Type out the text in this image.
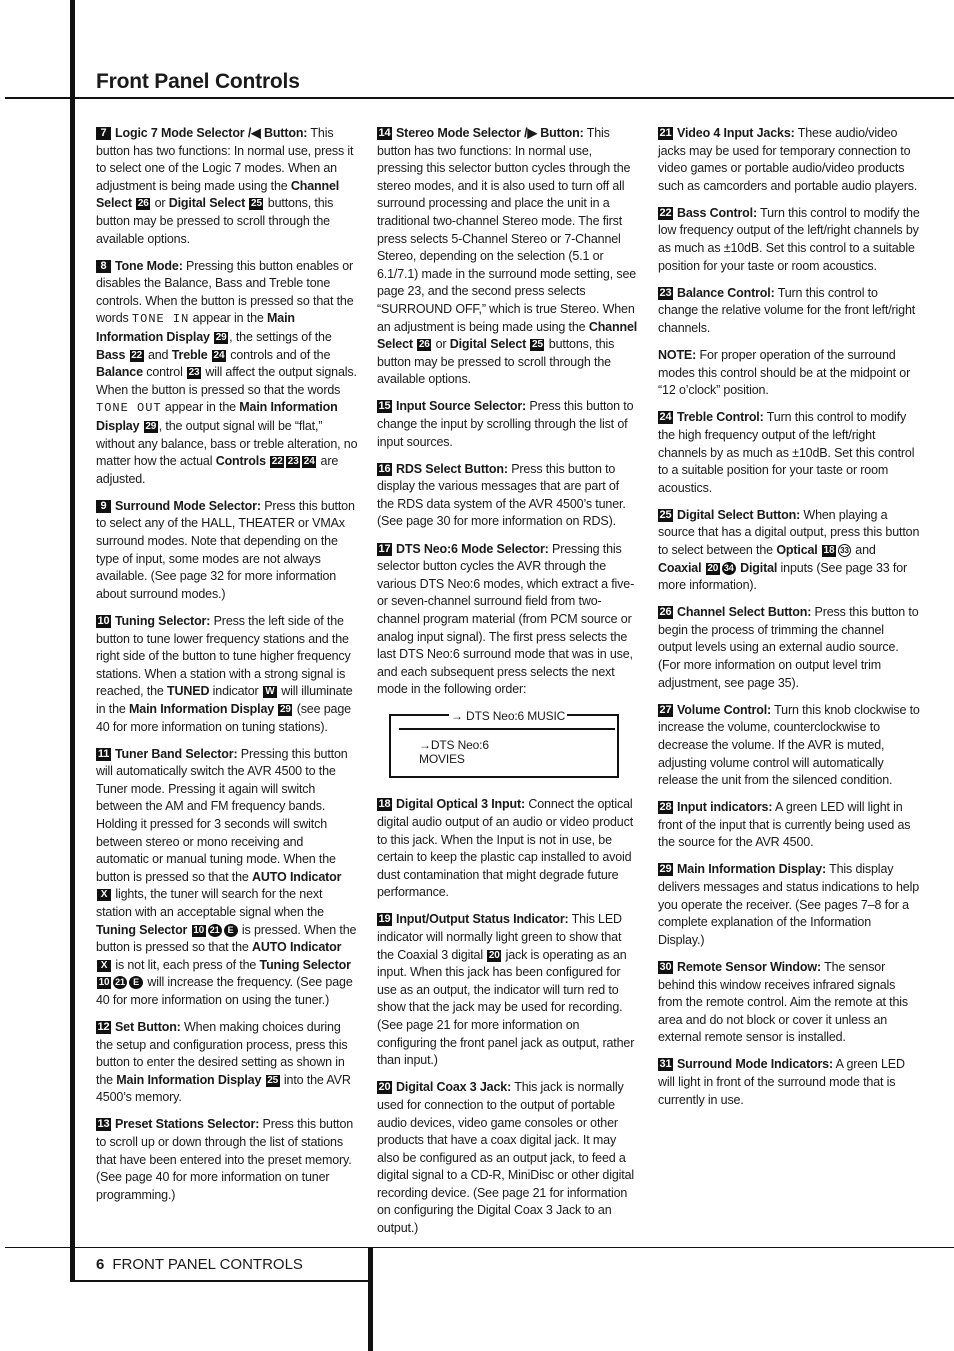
Front Panel Controls
6 FRONT PANEL CONTROLS

7 Logic 7 Mode Selector /◀ Button: This button has two functions: In normal use, press it to select one of the Logic 7 modes. When an adjustment is being made using the Channel Select 26 or Digital Select 25 buttons, this button may be pressed to scroll through the available options.

8 Tone Mode: Pressing this button enables or disables the Balance, Bass and Treble tone controls. When the button is pressed so that the words TONE IN appear in the Main Information Display 29 , the settings of the Bass 22 and Treble 24 controls and of the Balance control 23 will affect the output signals. When the button is pressed so that the words TONE OUT appear in the Main Information Display 29 , the output signal will be “flat,” without any balance, bass or treble alteration, no matter how the actual Controls 22 23 24 are adjusted.

9 Surround Mode Selector: Press this button to select any of the HALL, THEATER or VMAx surround modes. Note that depending on the type of input, some modes are not always available. (See page 32 for more information about surround modes.)

10 Tuning Selector: Press the left side of the button to tune lower frequency stations and the right side of the button to tune higher frequency stations. When a station with a strong signal is reached, the TUNED indicator W will illuminate in the Main Information Display 29 (see page 40 for more information on tuning stations).

11 Tuner Band Selector: Pressing this button will automatically switch the AVR 4500 to the Tuner mode. Pressing it again will switch between the AM and FM frequency bands. Holding it pressed for 3 seconds will switch between stereo or mono receiving and automatic or manual tuning mode. When the button is pressed so that the AUTO Indicator X lights, the tuner will search for the next station with an acceptable signal when the Tuning Selector 10 21 E is pressed. When the button is pressed so that the AUTO Indicator X is not lit, each press of the Tuning Selector 10 21 E will increase the frequency. (See page 40 for more information on using the tuner.)

12 Set Button: When making choices during the setup and configuration process, press this button to enter the desired setting as shown in the Main Information Display 25 into the AVR 4500’s memory.

13 Preset Stations Selector: Press this button to scroll up or down through the list of stations that have been entered into the preset memory. (See page 40 for more information on tuner programming.)

14 Stereo Mode Selector /▶ Button: This button has two functions: In normal use, pressing this selector button cycles through the stereo modes, and it is also used to turn off all surround processing and place the unit in a traditional two-channel Stereo mode. The first press selects 5-Channel Stereo or 7-Channel Stereo, depending on the selection (5.1 or 6.1/7.1) made in the surround mode setting, see page 23, and the second press selects “SURROUND OFF,” which is true Stereo. When an adjustment is being made using the Channel Select 26 or Digital Select 25 buttons, this button may be pressed to scroll through the available options.

15 Input Source Selector: Press this button to change the input by scrolling through the list of input sources.

16 RDS Select Button: Press this button to display the various messages that are part of the RDS data system of the AVR 4500’s tuner. (See page 30 for more information on RDS).

17 DTS Neo:6 Mode Selector: Pressing this selector button cycles the AVR through the various DTS Neo:6 modes, which extract a five- or seven-channel surround field from two-channel program material (from PCM source or analog input signal). The first press selects the last DTS Neo:6 surround mode that was in use, and each subsequent press selects the next mode in the following order:

→ DTS Neo:6 MUSIC
→DTS Neo:6
MOVIES

18 Digital Optical 3 Input: Connect the optical digital audio output of an audio or video product to this jack. When the Input is not in use, be certain to keep the plastic cap installed to avoid dust contamination that might degrade future performance.

19 Input/Output Status Indicator: This LED indicator will normally light green to show that the Coaxial 3 digital 20 jack is operating as an input. When this jack has been configured for use as an output, the indicator will turn red to show that the jack may be used for recording. (See page 21 for more information on configuring the front panel jack as output, rather than input.)

20 Digital Coax 3 Jack: This jack is normally used for connection to the output of portable audio devices, video game consoles or other products that have a coax digital jack. It may also be configured as an output jack, to feed a digital signal to a CD-R, MiniDisc or other digital recording device. (See page 21 for information on configuring the Digital Coax 3 Jack to an output.)

21 Video 4 Input Jacks: These audio/video jacks may be used for temporary connection to video games or portable audio/video products such as camcorders and portable audio players.

22 Bass Control: Turn this control to modify the low frequency output of the left/right channels by as much as ±10dB. Set this control to a suitable position for your taste or room acoustics.

23 Balance Control: Turn this control to change the relative volume for the front left/right channels.

NOTE: For proper operation of the surround modes this control should be at the midpoint or “12 o’clock” position.

24 Treble Control: Turn this control to modify the high frequency output of the left/right channels by as much as ±10dB. Set this control to a suitable position for your taste or room acoustics.

25 Digital Select Button: When playing a source that has a digital output, press this button to select between the Optical 18 33 and Coaxial 20 34 Digital inputs (See page 33 for more information).

26 Channel Select Button: Press this button to begin the process of trimming the channel output levels using an external audio source. (For more information on output level trim adjustment, see page 35).

27 Volume Control: Turn this knob clockwise to increase the volume, counterclockwise to decrease the volume. If the AVR is muted, adjusting volume control will automatically release the unit from the silenced condition.

28 Input indicators: A green LED will light in front of the input that is currently being used as the source for the AVR 4500.

29 Main Information Display: This display delivers messages and status indications to help you operate the receiver. (See pages 7–8 for a complete explanation of the Information Display.)

30 Remote Sensor Window: The sensor behind this window receives infrared signals from the remote control. Aim the remote at this area and do not block or cover it unless an external remote sensor is installed.

31 Surround Mode Indicators: A green LED will light in front of the surround mode that is currently in use.
